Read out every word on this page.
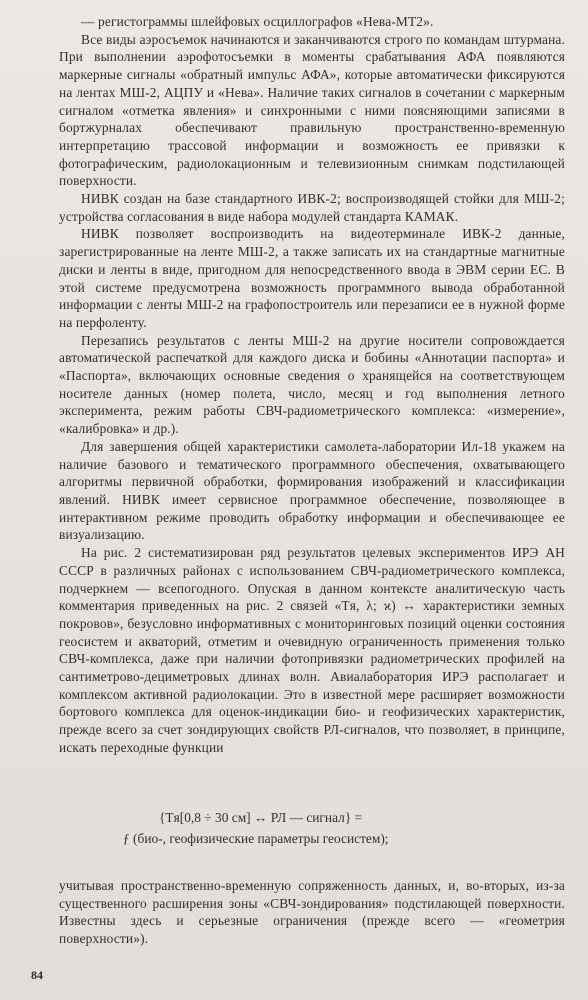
— регистограммы шлейфовых осциллографов «Нева-МТ2».

Все виды аэросъемок начинаются и заканчиваются строго по командам штурмана. При выполнении аэрофотосъемки в моменты срабатывания АФА появляются маркерные сигналы «обратный импульс АФА», которые автоматически фиксируются на лентах МШ-2, АЦПУ и «Нева». Наличие таких сигналов в сочетании с маркерным сигналом «отметка явления» и синхронными с ними поясняющими записями в бортжурналах обеспечивают правильную пространственно-временную интерпретацию трассовой информации и возможность ее привязки к фотографическим, радиолокационным и телевизионным снимкам подстилающей поверхности.

НИВК создан на базе стандартного ИВК-2; воспроизводящей стойки для МШ-2; устройства согласования в виде набора модулей стандарта КАМАК.

НИВК позволяет воспроизводить на видеотерминале ИВК-2 данные, зарегистрированные на ленте МШ-2, а также записать их на стандартные магнитные диски и ленты в виде, пригодном для непосредственного ввода в ЭВМ серии ЕС. В этой системе предусмотрена возможность программного вывода обработанной информации с ленты МШ-2 на графопостроитель или перезаписи ее в нужной форме на перфоленту.

Перезапись результатов с ленты МШ-2 на другие носители сопровождается автоматической распечаткой для каждого диска и бобины «Аннотации паспорта» и «Паспорта», включающих основные сведения о хранящейся на соответствующем носителе данных (номер полета, число, месяц и год выполнения летного эксперимента, режим работы СВЧ-радиометрического комплекса: «измерение», «калибровка» и др.).

Для завершения общей характеристики самолета-лаборатории Ил-18 укажем на наличие базового и тематического программного обеспечения, охватывающего алгоритмы первичной обработки, формирования изображений и классификации явлений. НИВК имеет сервисное программное обеспечение, позволяющее в интерактивном режиме проводить обработку информации и обеспечивающее ее визуализацию.

На рис. 2 систематизирован ряд результатов целевых экспериментов ИРЭ АН СССР в различных районах с использованием СВЧ-радиометрического комплекса, подчеркнем — всепогодного. Опуская в данном контексте аналитическую часть комментария приведенных на рис. 2 связей «Tя, λ; ϰ) ↔ характеристики земных покровов», безусловно информативных с мониторинговых позиций оценки состояния геосистем и акваторий, отметим и очевидную ограниченность применения только СВЧ-комплекса, даже при наличии фотопривязки радиометрических профилей на сантиметрово-дециметровых длинах волн. Авиалаборатория ИРЭ располагает и комплексом активной радиолокации. Это в известной мере расширяет возможности бортового комплекса для оценок-индикации био- и геофизических характеристик, прежде всего за счет зондирующих свойств РЛ-сигналов, что позволяет, в принципе, искать переходные функции

{Tя[0,8 ÷ 30 см] ↔ РЛ — сигнал} =
ƒ (био-, геофизические параметры геосистем);
учитывая пространственно-временную сопряженность данных, и, во-вторых, из-за существенного расширения зоны «СВЧ-зондирования» подстилающей поверхности. Известны здесь и серьезные ограничения (прежде всего — «геометрия поверхности»).
84
